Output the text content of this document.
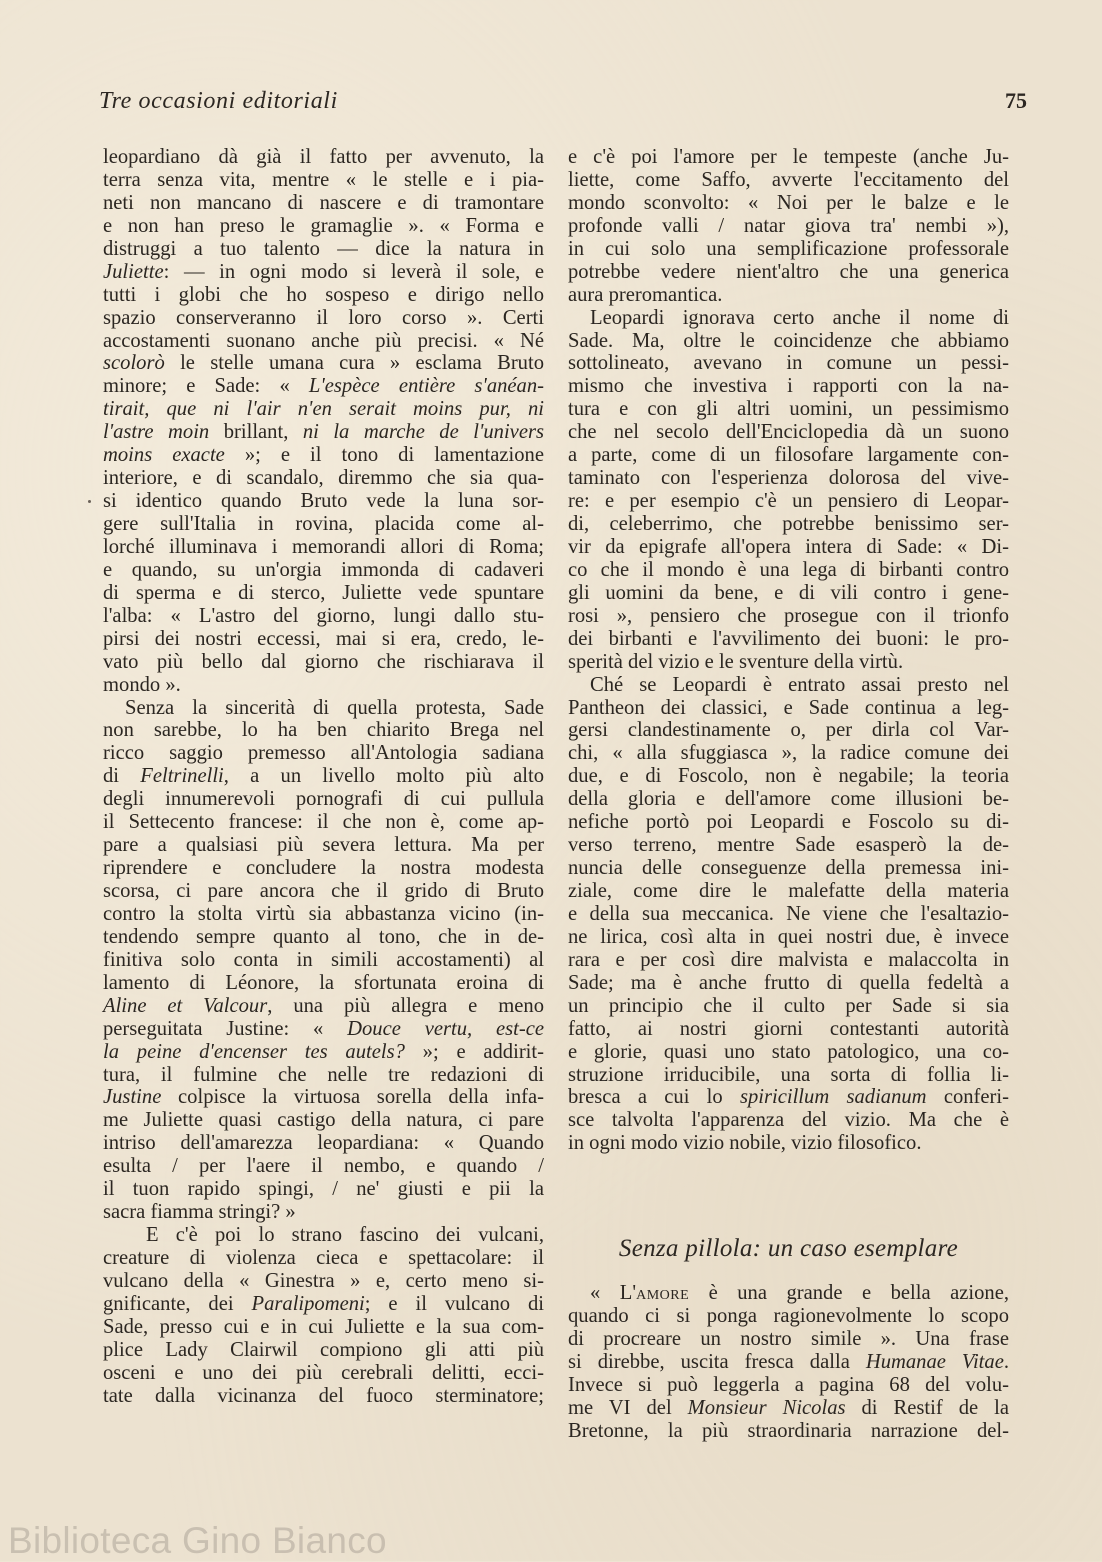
Tre occasioni editoriali	75
leopardiano dà già il fatto per avvenuto, la
terra senza vita, mentre « le stelle e i pia-
neti non mancano di nascere e di tramontare
e non han preso le gramaglie ». « Forma e
distruggi a tuo talento — dice la natura in
Juliette: — in ogni modo si leverà il sole, e
tutti i globi che ho sospeso e dirigo nello
spazio conserveranno il loro corso ». Certi
accostamenti suonano anche più precisi. « Né
scolorò le stelle umana cura » esclama Bruto
minore; e Sade: « L'espèce entière s'anéan-
tirait, que ni l'air n'en serait moins pur, ni
l'astre moin brillant, ni la marche de l'univers
moins exacte »; e il tono di lamentazione
interiore, e di scandalo, diremmo che sia qua-
si identico quando Bruto vede la luna sor-
gere sull'Italia in rovina, placida come al-
lorché illuminava i memorandi allori di Roma;
e quando, su un'orgia immonda di cadaveri
di sperma e di sterco, Juliette vede spuntare
l'alba: « L'astro del giorno, lungi dallo stu-
pirsi dei nostri eccessi, mai si era, credo, le-
vato più bello dal giorno che rischiarava il
mondo ».
Senza la sincerità di quella protesta, Sade
non sarebbe, lo ha ben chiarito Brega nel
ricco saggio premesso all'Antologia sadiana
di Feltrinelli, a un livello molto più alto
degli innumerevoli pornografi di cui pullula
il Settecento francese: il che non è, come ap-
pare a qualsiasi più severa lettura. Ma per
riprendere e concludere la nostra modesta
scorsa, ci pare ancora che il grido di Bruto
contro la stolta virtù sia abbastanza vicino (in-
tendendo sempre quanto al tono, che in de-
finitiva solo conta in simili accostamenti) al
lamento di Léonore, la sfortunata eroina di
Aline et Valcour, una più allegra e meno
perseguitata Justine: « Douce vertu, est-ce
la peine d'encenser tes autels? »; e addirit-
tura, il fulmine che nelle tre redazioni di
Justine colpisce la virtuosa sorella della infa-
me Juliette quasi castigo della natura, ci pare
intriso dell'amarezza leopardiana: « Quando
esulta / per l'aere il nembo, e quando /
il tuon rapido spingi, / ne' giusti e pii la
sacra fiamma stringi? »
E c'è poi lo strano fascino dei vulcani,
creature di violenza cieca e spettacolare: il
vulcano della « Ginestra » e, certo meno si-
gnificante, dei Paralipomeni; e il vulcano di
Sade, presso cui e in cui Juliette e la sua com-
plice Lady Clairwil compiono gli atti più
osceni e uno dei più cerebrali delitti, ecci-
tate dalla vicinanza del fuoco sterminatore;
e c'è poi l'amore per le tempeste (anche Ju-
liette, come Saffo, avverte l'eccitamento del
mondo sconvolto: « Noi per le balze e le
profonde valli / natar giova tra' nembi »),
in cui solo una semplificazione professorale
potrebbe vedere nient'altro che una generica
aura preromantica.
Leopardi ignorava certo anche il nome di
Sade. Ma, oltre le coincidenze che abbiamo
sottolineato, avevano in comune un pessi-
mismo che investiva i rapporti con la na-
tura e con gli altri uomini, un pessimismo
che nel secolo dell'Enciclopedia dà un suono
a parte, come di un filosofare largamente con-
taminato con l'esperienza dolorosa del vive-
re: e per esempio c'è un pensiero di Leopar-
di, celeberrimo, che potrebbe benissimo ser-
vir da epigrafe all'opera intera di Sade: « Di-
co che il mondo è una lega di birbanti contro
gli uomini da bene, e di vili contro i gene-
rosi », pensiero che prosegue con il trionfo
dei birbanti e l'avvilimento dei buoni: le pro-
sperità del vizio e le sventure della virtù.
Ché se Leopardi è entrato assai presto nel
Pantheon dei classici, e Sade continua a leg-
gersi clandestinamente o, per dirla col Var-
chi, « alla sfuggiasca », la radice comune dei
due, e di Foscolo, non è negabile; la teoria
della gloria e dell'amore come illusioni be-
nefiche portò poi Leopardi e Foscolo su di-
verso terreno, mentre Sade esasperò la de-
nuncia delle conseguenze della premessa ini-
ziale, come dire le malefatte della materia
e della sua meccanica. Ne viene che l'esaltazio-
ne lirica, così alta in quei nostri due, è invece
rara e per così dire malvista e malaccolta in
Sade; ma è anche frutto di quella fedeltà a
un principio che il culto per Sade si sia
fatto, ai nostri giorni contestanti autorità
e glorie, quasi uno stato patologico, una co-
struzione irriducibile, una sorta di follia li-
bresca a cui lo spiricillum sadianum conferi-
sce talvolta l'apparenza del vizio. Ma che è
in ogni modo vizio nobile, vizio filosofico.
Senza pillola: un caso esemplare
« L'amore è una grande e bella azione,
quando ci si ponga ragionevolmente lo scopo
di procreare un nostro simile ». Una frase
si direbbe, uscita fresca dalla Humanae Vitae.
Invece si può leggerla a pagina 68 del volu-
me VI del Monsieur Nicolas di Restif de la
Bretonne, la più straordinaria narrazione del-
Biblioteca Gino Bianco
